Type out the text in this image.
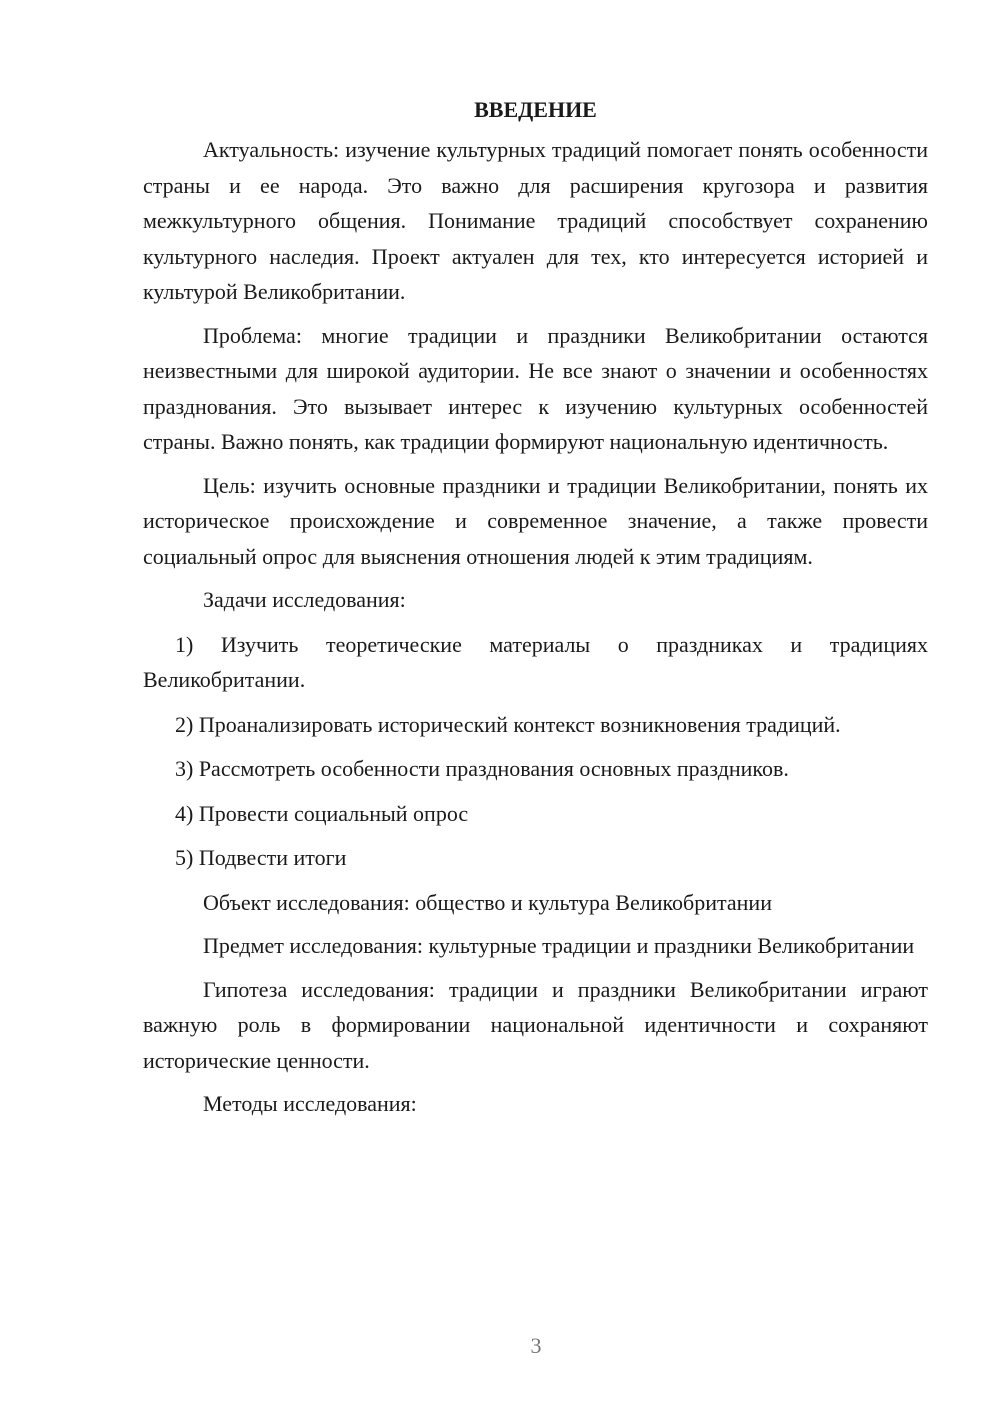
ВВЕДЕНИЕ

Актуальность: изучение культурных традиций помогает понять особенности страны и ее народа. Это важно для расширения кругозора и развития межкультурного общения. Понимание традиций способствует сохранению культурного наследия. Проект актуален для тех, кто интересуется историей и культурой Великобритании.

Проблема: многие традиции и праздники Великобритании остаются неизвестными для широкой аудитории. Не все знают о значении и особенностях празднования. Это вызывает интерес к изучению культурных особенностей страны. Важно понять, как традиции формируют национальную идентичность.

Цель: изучить основные праздники и традиции Великобритании, понять их историческое происхождение и современное значение, а также провести социальный опрос для выяснения отношения людей к этим традициям.

Задачи исследования:

1) Изучить теоретические материалы о праздниках и традициях Великобритании.

2) Проанализировать исторический контекст возникновения традиций.

3) Рассмотреть особенности празднования основных праздников.

4) Провести социальный опрос

5) Подвести итоги

Объект исследования: общество и культура Великобритании

Предмет исследования: культурные традиции и праздники Великобритании

Гипотеза исследования: традиции и праздники Великобритании играют важную роль в формировании национальной идентичности и сохраняют исторические ценности.

Методы исследования:

3
